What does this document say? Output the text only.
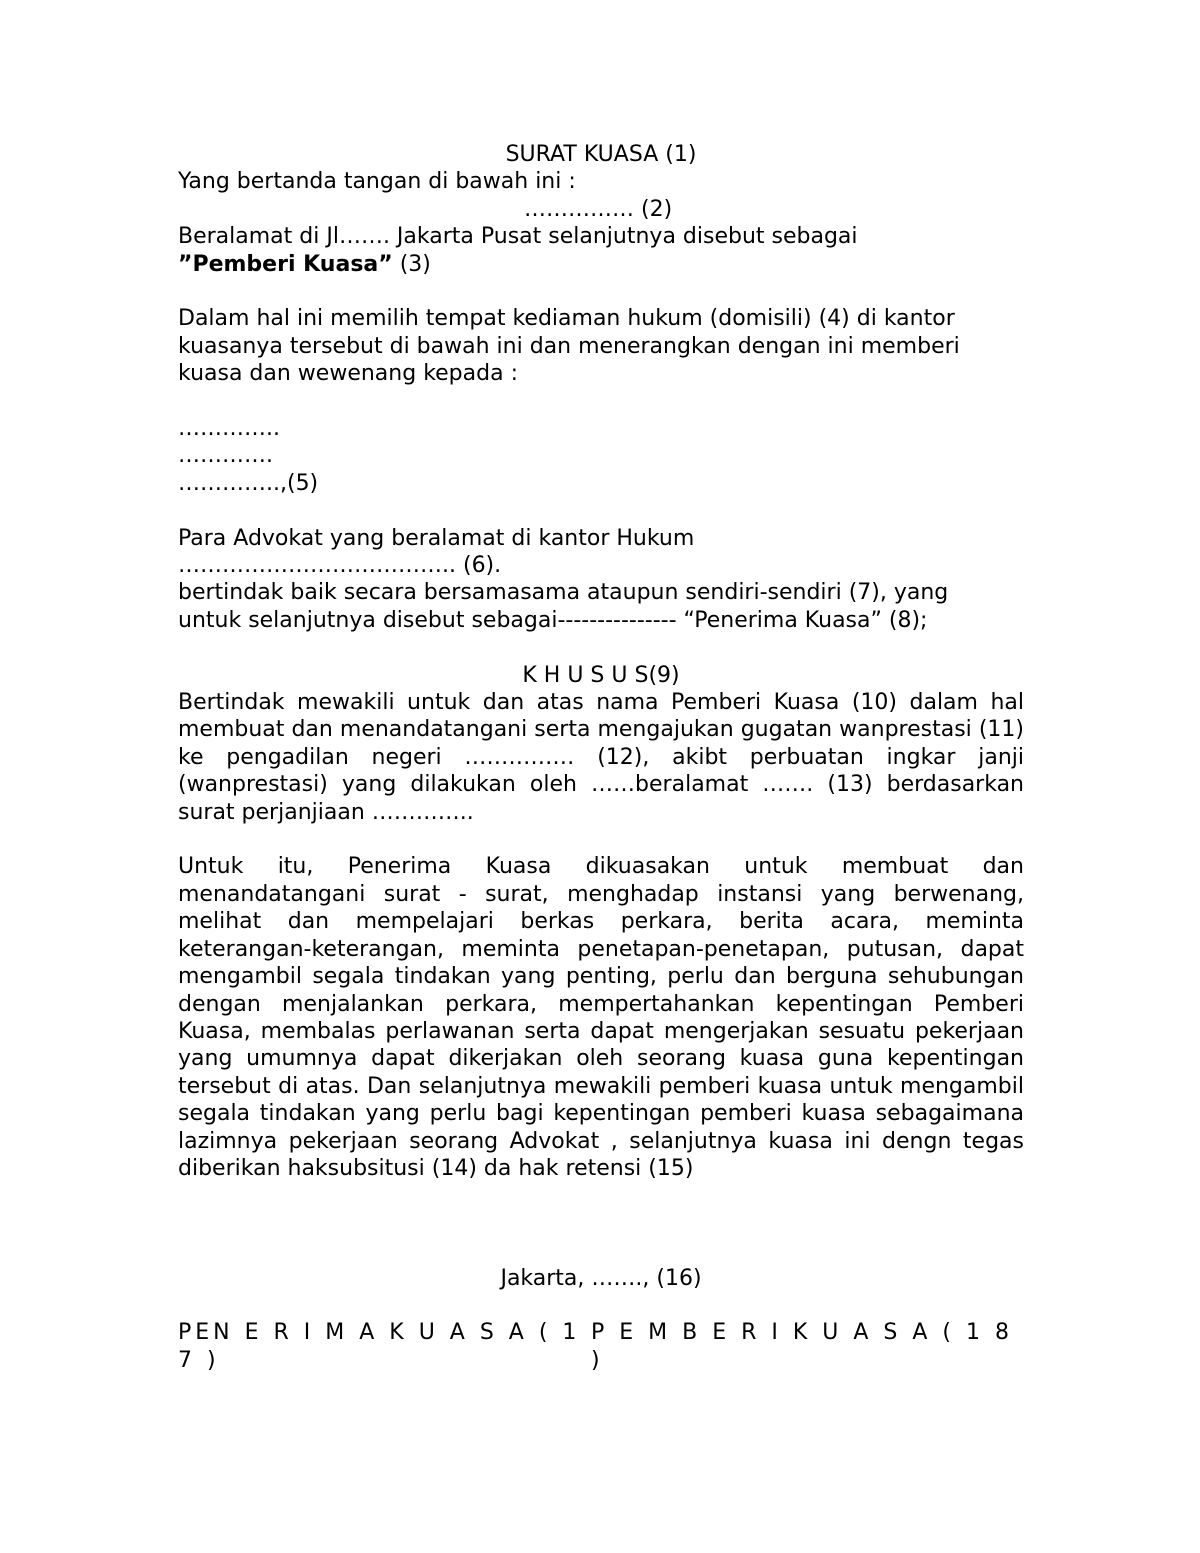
SURAT KUASA (1)
Yang bertanda tangan di bawah ini :
…………… (2)
Beralamat di Jl……. Jakarta Pusat selanjutnya disebut sebagai
”Pemberi Kuasa” (3)
Dalam hal ini memilih tempat kediaman hukum (domisili) (4) di kantor
kuasanya tersebut di bawah ini dan menerangkan dengan ini memberi
kuasa dan wewenang kepada :
…………..
………….
…………..,(5)
Para Advokat yang beralamat di kantor Hukum
……………………………….. (6).
bertindak baik secara bersamasama ataupun sendiri-sendiri (7), yang
untuk selanjutnya disebut sebagai--------------- “Penerima Kuasa” (8);
K H U S U S(9)
Bertindak mewakili untuk dan atas nama Pemberi Kuasa (10) dalam hal membuat dan menandatangani serta mengajukan gugatan wanprestasi (11) ke pengadilan negeri …………… (12), akibt perbuatan ingkar janji (wanprestasi) yang dilakukan oleh ……beralamat ……. (13) berdasarkan surat perjanjiaan …………..
Untuk itu, Penerima Kuasa dikuasakan untuk membuat dan menandatangani surat - surat, menghadap instansi yang berwenang, melihat dan mempelajari berkas perkara, berita acara, meminta keterangan-keterangan, meminta penetapan-penetapan, putusan, dapat mengambil segala tindakan yang penting, perlu dan berguna sehubungan dengan menjalankan perkara, mempertahankan kepentingan Pemberi Kuasa, membalas perlawanan serta dapat mengerjakan sesuatu pekerjaan yang umumnya dapat dikerjakan oleh seorang kuasa guna kepentingan tersebut di atas. Dan selanjutnya mewakili pemberi kuasa untuk mengambil segala tindakan yang perlu bagi kepentingan pemberi kuasa sebagaimana lazimnya pekerjaan seorang Advokat , selanjutnya kuasa ini dengn tegas diberikan haksubsitusi (14) da hak retensi (15)
Jakarta, ……., (16)
PEN E R I M A K U A S A ( 1 7 )
P E M B E R I K U A S A ( 1 8 )
